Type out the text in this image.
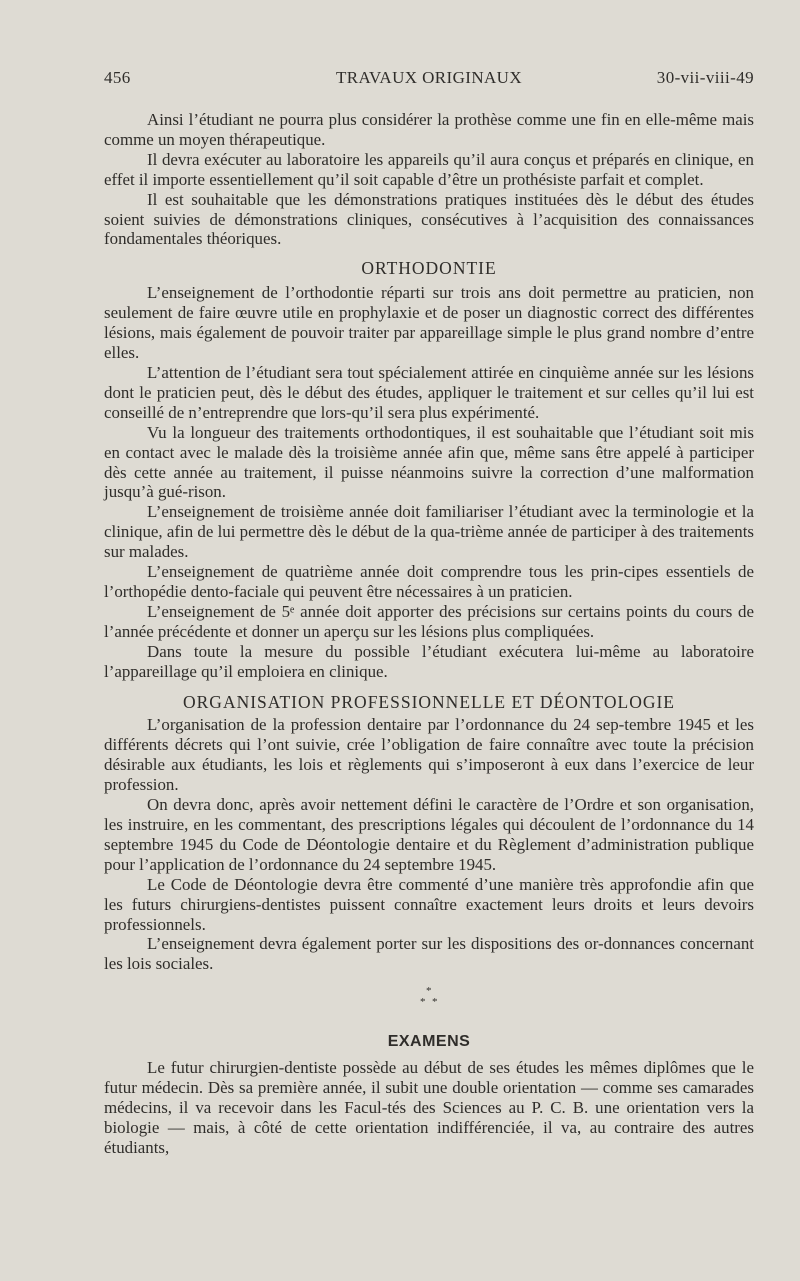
456	TRAVAUX ORIGINAUX	30-vii-viii-49

Ainsi l’étudiant ne pourra plus considérer la prothèse comme une fin en elle-même mais comme un moyen thérapeutique.

Il devra exécuter au laboratoire les appareils qu’il aura conçus et préparés en clinique, en effet il importe essentiellement qu’il soit capable d’être un prothésiste parfait et complet.

Il est souhaitable que les démonstrations pratiques instituées dès le début des études soient suivies de démonstrations cliniques, consécutives à l’acquisition des connaissances fondamentales théoriques.

ORTHODONTIE

L’enseignement de l’orthodontie réparti sur trois ans doit permettre au praticien, non seulement de faire œuvre utile en prophylaxie et de poser un diagnostic correct des différentes lésions, mais également de pouvoir traiter par appareillage simple le plus grand nombre d’entre elles.

L’attention de l’étudiant sera tout spécialement attirée en cinquième année sur les lésions dont le praticien peut, dès le début des études, appliquer le traitement et sur celles qu’il lui est conseillé de n’entreprendre que lors-qu’il sera plus expérimenté.

Vu la longueur des traitements orthodontiques, il est souhaitable que l’étudiant soit mis en contact avec le malade dès la troisième année afin que, même sans être appelé à participer dès cette année au traitement, il puisse néanmoins suivre la correction d’une malformation jusqu’à gué-rison.

L’enseignement de troisième année doit familiariser l’étudiant avec la terminologie et la clinique, afin de lui permettre dès le début de la qua-trième année de participer à des traitements sur malades.

L’enseignement de quatrième année doit comprendre tous les prin-cipes essentiels de l’orthopédie dento-faciale qui peuvent être nécessaires à un praticien.

L’enseignement de 5ᵉ année doit apporter des précisions sur certains points du cours de l’année précédente et donner un aperçu sur les lésions plus compliquées.

Dans toute la mesure du possible l’étudiant exécutera lui-même au laboratoire l’appareillage qu’il emploiera en clinique.

ORGANISATION PROFESSIONNELLE ET DÉONTOLOGIE

L’organisation de la profession dentaire par l’ordonnance du 24 sep-tembre 1945 et les différents décrets qui l’ont suivie, crée l’obligation de faire connaître avec toute la précision désirable aux étudiants, les lois et règlements qui s’imposeront à eux dans l’exercice de leur profession.

On devra donc, après avoir nettement défini le caractère de l’Ordre et son organisation, les instruire, en les commentant, des prescriptions légales qui découlent de l’ordonnance du 14 septembre 1945 du Code de Déontologie dentaire et du Règlement d’administration publique pour l’application de l’ordonnance du 24 septembre 1945.

Le Code de Déontologie devra être commenté d’une manière très approfondie afin que les futurs chirurgiens-dentistes puissent connaître exactement leurs droits et leurs devoirs professionnels.

L’enseignement devra également porter sur les dispositions des or-donnances concernant les lois sociales.

*
* *
EXAMENS

Le futur chirurgien-dentiste possède au début de ses études les mêmes diplômes que le futur médecin. Dès sa première année, il subit une double orientation — comme ses camarades médecins, il va recevoir dans les Facul-tés des Sciences au P. C. B. une orientation vers la biologie — mais, à côté de cette orientation indifférenciée, il va, au contraire des autres étudiants,
